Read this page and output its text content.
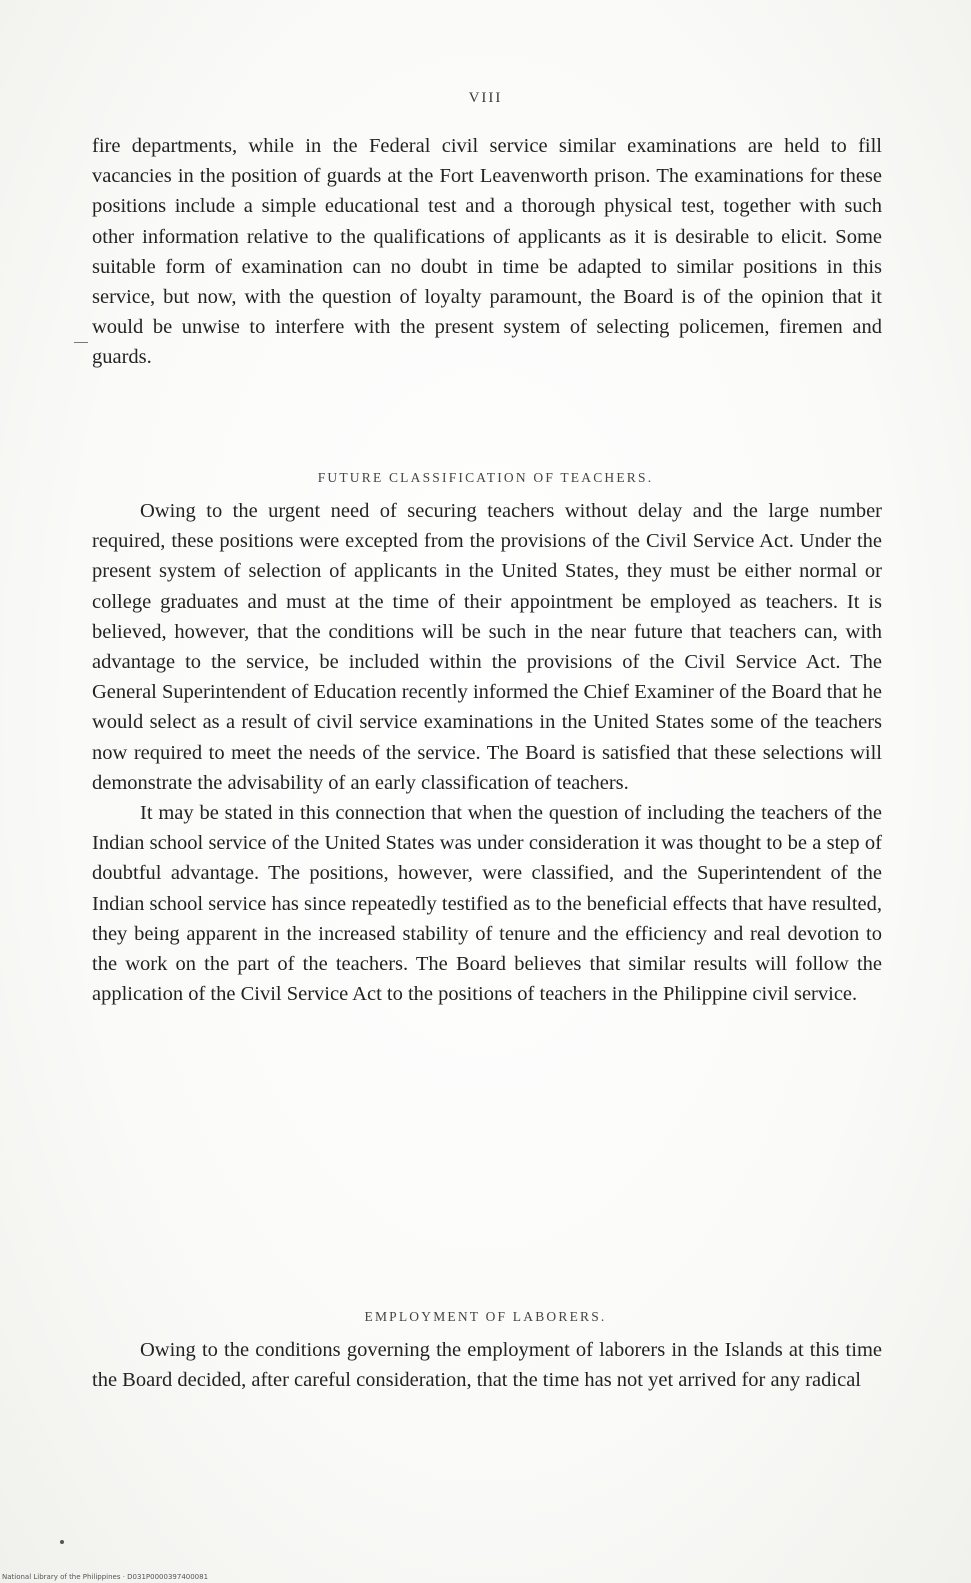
VIII

fire departments, while in the Federal civil service similar examinations are held to fill vacancies in the position of guards at the Fort Leavenworth prison. The examinations for these positions include a simple educational test and a thorough physical test, together with such other information relative to the qualifications of applicants as it is desirable to elicit. Some suitable form of examination can no doubt in time be adapted to similar positions in this service, but now, with the question of loyalty paramount, the Board is of the opinion that it would be unwise to interfere with the present system of selecting policemen, firemen and guards.

FUTURE CLASSIFICATION OF TEACHERS.

Owing to the urgent need of securing teachers without delay and the large number required, these positions were excepted from the provisions of the Civil Service Act. Under the present system of selection of applicants in the United States, they must be either normal or college graduates and must at the time of their appointment be employed as teachers. It is believed, however, that the conditions will be such in the near future that teachers can, with advantage to the service, be included within the provisions of the Civil Service Act. The General Superintendent of Education recently informed the Chief Examiner of the Board that he would select as a result of civil service examinations in the United States some of the teachers now required to meet the needs of the service. The Board is satisfied that these selections will demonstrate the advisability of an early classification of teachers.

It may be stated in this connection that when the question of including the teachers of the Indian school service of the United States was under consideration it was thought to be a step of doubtful advantage. The positions, however, were classified, and the Superintendent of the Indian school service has since repeatedly testified as to the beneficial effects that have resulted, they being apparent in the increased stability of tenure and the efficiency and real devotion to the work on the part of the teachers. The Board believes that similar results will follow the application of the Civil Service Act to the positions of teachers in the Philippine civil service.

EMPLOYMENT OF LABORERS.

Owing to the conditions governing the employment of laborers in the Islands at this time the Board decided, after careful consideration, that the time has not yet arrived for any radical

National Library of the Philippines · D031P0000397400081
